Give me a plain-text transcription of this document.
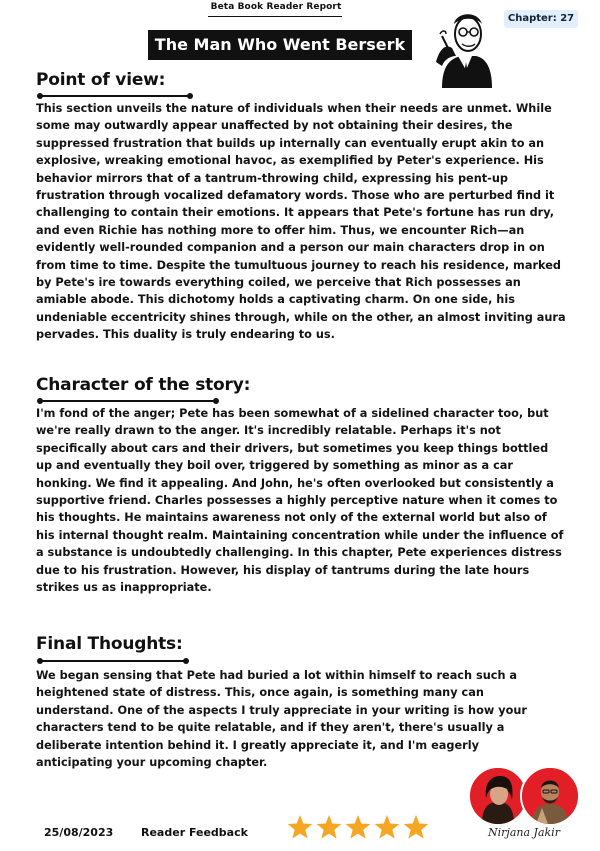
Beta Book Reader Report
Chapter: 27
The Man Who Went Berserk
Point of view:
This section unveils the nature of individuals when their needs are unmet. While some may outwardly appear unaffected by not obtaining their desires, the suppressed frustration that builds up internally can eventually erupt akin to an explosive, wreaking emotional havoc, as exemplified by Peter's experience. His behavior mirrors that of a tantrum-throwing child, expressing his pent-up frustration through vocalized defamatory words. Those who are perturbed find it challenging to contain their emotions. It appears that Pete's fortune has run dry, and even Richie has nothing more to offer him. Thus, we encounter Rich—an evidently well-rounded companion and a person our main characters drop in on from time to time. Despite the tumultuous journey to reach his residence, marked by Pete's ire towards everything coiled, we perceive that Rich possesses an amiable abode. This dichotomy holds a captivating charm. On one side, his undeniable eccentricity shines through, while on the other, an almost inviting aura pervades. This duality is truly endearing to us.
Character of the story:
I'm fond of the anger; Pete has been somewhat of a sidelined character too, but we're really drawn to the anger. It's incredibly relatable. Perhaps it's not specifically about cars and their drivers, but sometimes you keep things bottled up and eventually they boil over, triggered by something as minor as a car honking. We find it appealing. And John, he's often overlooked but consistently a supportive friend. Charles possesses a highly perceptive nature when it comes to his thoughts. He maintains awareness not only of the external world but also of his internal thought realm. Maintaining concentration while under the influence of a substance is undoubtedly challenging. In this chapter, Pete experiences distress due to his frustration. However, his display of tantrums during the late hours strikes us as inappropriate.
Final Thoughts:
We began sensing that Pete had buried a lot within himself to reach such a heightened state of distress. This, once again, is something many can understand. One of the aspects I truly appreciate in your writing is how your characters tend to be quite relatable, and if they aren't, there's usually a deliberate intention behind it. I greatly appreciate it, and I'm eagerly anticipating your upcoming chapter.
25/08/2023	Reader Feedback	Nirjana Jakir
